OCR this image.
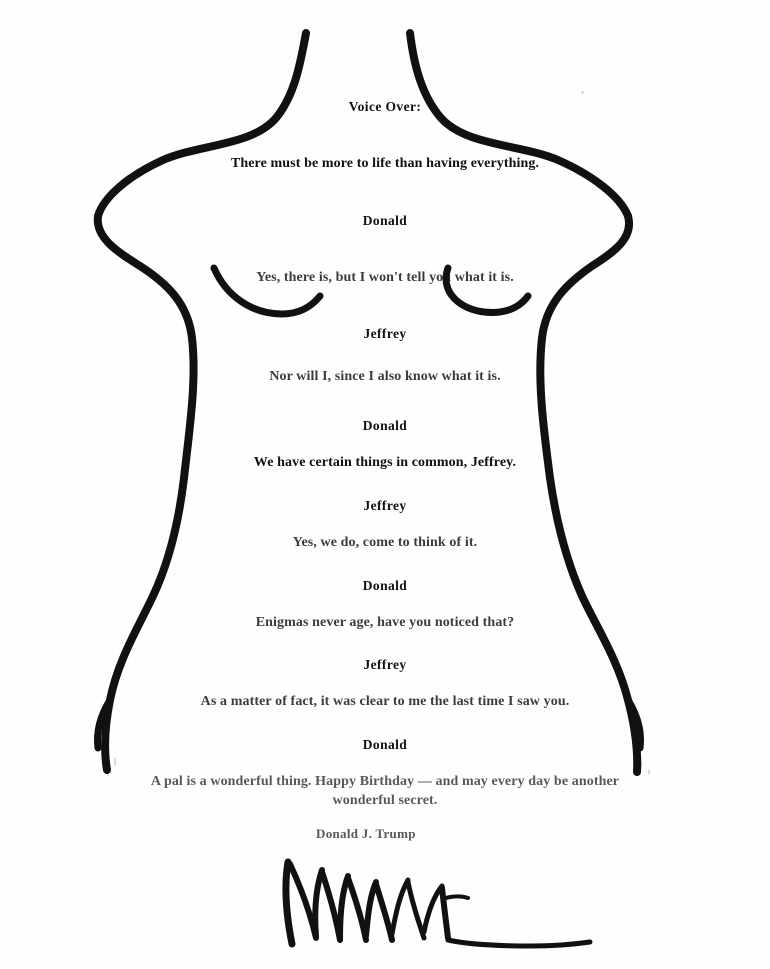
Voice Over:

There must be more to life than having everything.

Donald

Yes, there is, but I won't tell you what it is.

Jeffrey

Nor will I, since I also know what it is.

Donald

We have certain things in common, Jeffrey.

Jeffrey

Yes, we do, come to think of it.

Donald

Enigmas never age, have you noticed that?

Jeffrey

As a matter of fact, it was clear to me the last time I saw you.

Donald

A pal is a wonderful thing. Happy Birthday — and may every day be another wonderful secret.

Donald J. Trump
